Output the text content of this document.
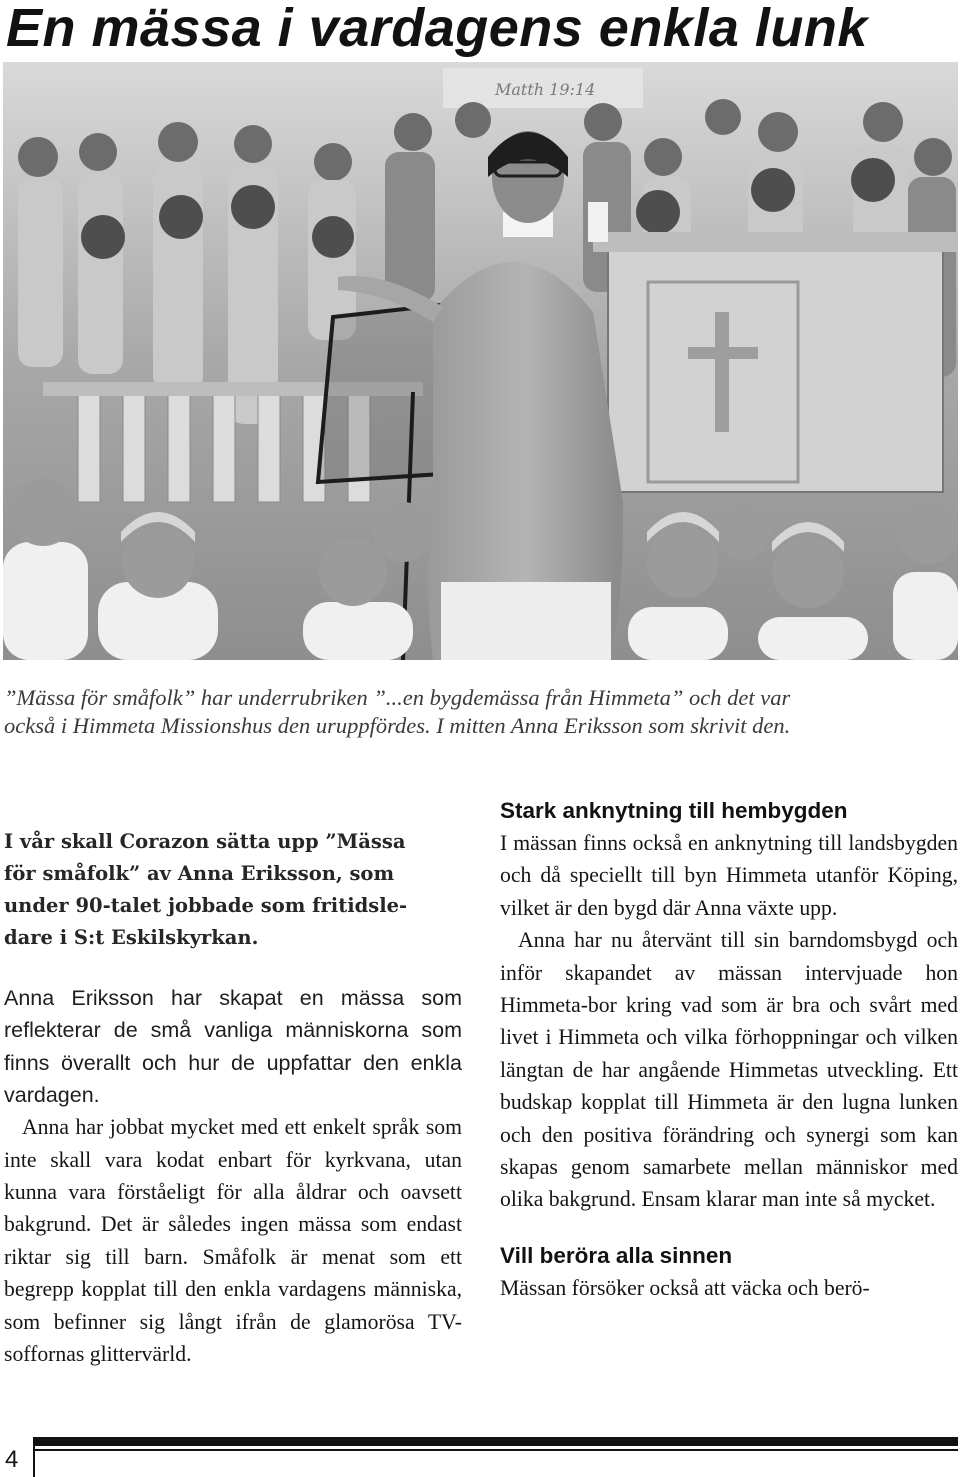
En mässa i vardagens enkla lunk
Matth 19:14
”Mässa för småfolk” har underrubriken ”...en bygdemässa från Himmeta” och det var
också i Himmeta Missionshus den uruppfördes. I mitten Anna Eriksson som skrivit den.

I vår skall Corazon sätta upp ”Mässa
för småfolk” av Anna Eriksson, som
under 90-talet jobbade som fritidsle-
dare i S:t Eskilskyrkan.

Anna Eriksson har skapat en mässa som reflekterar de små vanliga människorna som finns överallt och hur de uppfattar den enkla vardagen.

Anna har jobbat mycket med ett enkelt språk som inte skall vara kodat enbart för kyrkvana, utan kunna vara förståeligt för alla åldrar och oavsett bakgrund. Det är således ingen mässa som endast riktar sig till barn. Småfolk är menat som ett begrepp kopplat till den enkla vardagens människa, som befinner sig långt ifrån de glamorösa TV-soffornas glittervärld.

Stark anknytning till hembygden

I mässan finns också en anknytning till landsbygden och då speciellt till byn Himmeta utanför Köping, vilket är den bygd där Anna växte upp.

Anna har nu återvänt till sin barndomsbygd och inför skapandet av mässan intervjuade hon Himmeta-bor kring vad som är bra och svårt med livet i Himmeta och vilka förhoppningar och vilken längtan de har angående Himmetas utveckling. Ett budskap kopplat till Himmeta är den lugna lunken och den positiva förändring och synergi som kan skapas genom samarbete mellan människor med olika bakgrund. Ensam klarar man inte så mycket.

Vill beröra alla sinnen

Mässan försöker också att väcka och berö-

4
